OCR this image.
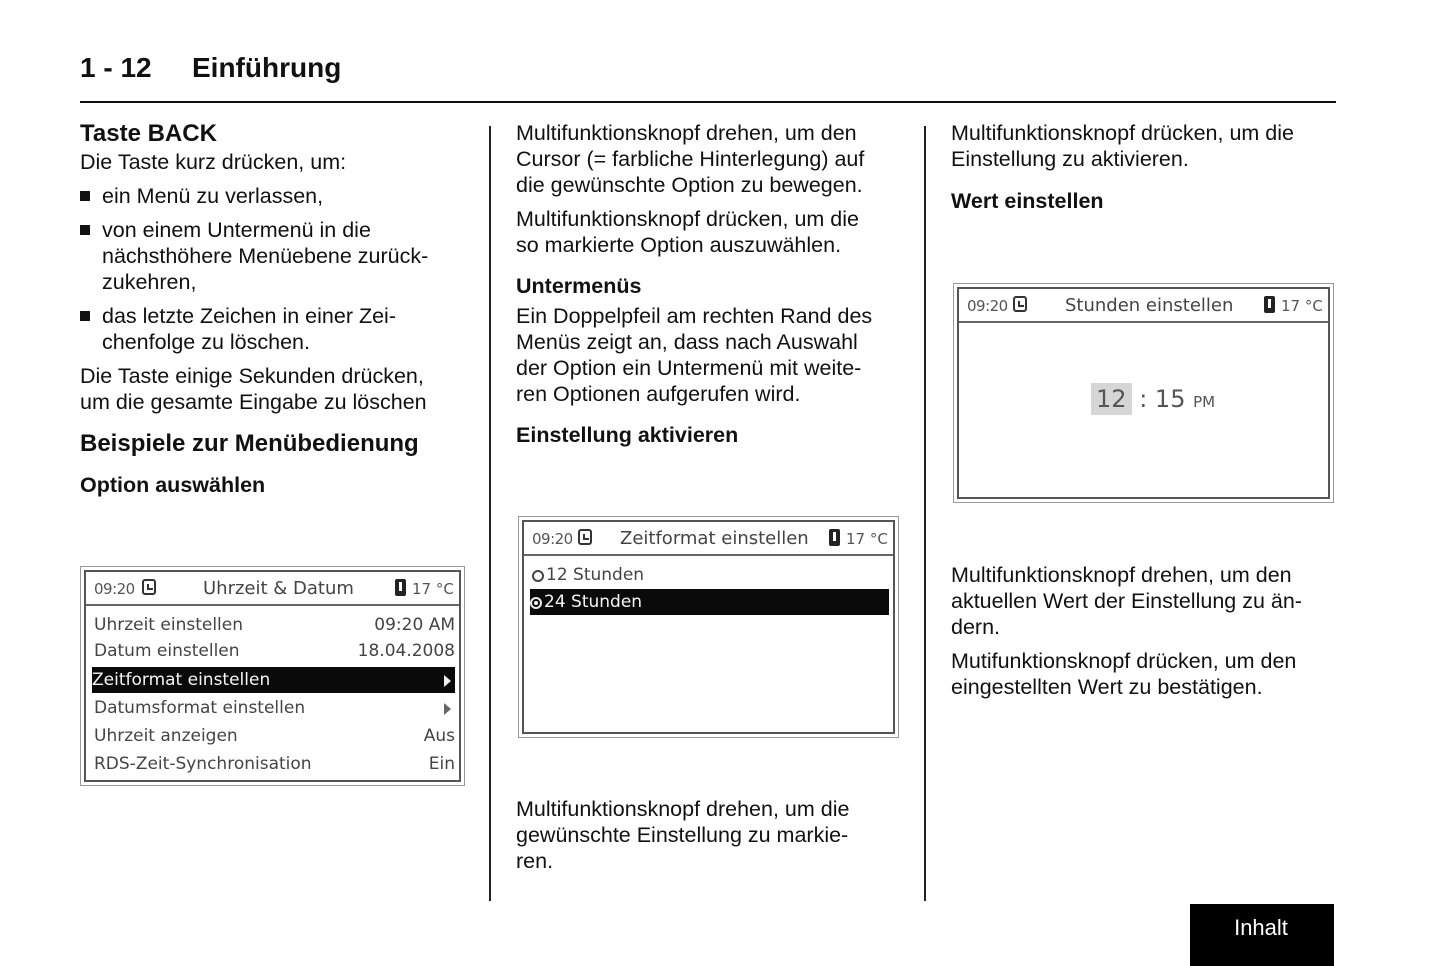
1 - 12 Einführung
Taste BACK
Die Taste kurz drücken, um:
ein Menü zu verlassen,
von einem Untermenü in die
nächsthöhere Menüebene zurück-
zukehren,
das letzte Zeichen in einer Zei-
chenfolge zu löschen.
Die Taste einige Sekunden drücken,
um die gesamte Eingabe zu löschen
Beispiele zur Menübedienung
Option auswählen
09:20	Uhrzeit & Datum	17 °C
Uhrzeit einstellen	09:20 AM
Datum einstellen	18.04.2008
Zeitformat einstellen
Datumsformat einstellen
Uhrzeit anzeigen	Aus
RDS-Zeit-Synchronisation	Ein
Multifunktionsknopf drehen, um den
Cursor (= farbliche Hinterlegung) auf
die gewünschte Option zu bewegen.
Multifunktionsknopf drücken, um die
so markierte Option auszuwählen.
Untermenüs
Ein Doppelpfeil am rechten Rand des
Menüs zeigt an, dass nach Auswahl
der Option ein Untermenü mit weite-
ren Optionen aufgerufen wird.
Einstellung aktivieren
09:20	Zeitformat einstellen 17 °C
12 Stunden
24 Stunden
Multifunktionsknopf drehen, um die
gewünschte Einstellung zu markie-
ren.
Multifunktionsknopf drücken, um die
Einstellung zu aktivieren.
Wert einstellen
09:20	Stunden einstellen	17 °C
12 : 15 PM
Multifunktionsknopf drehen, um den
aktuellen Wert der Einstellung zu än-
dern.
Mutifunktionsknopf drücken, um den
eingestellten Wert zu bestätigen.
Inhalt
